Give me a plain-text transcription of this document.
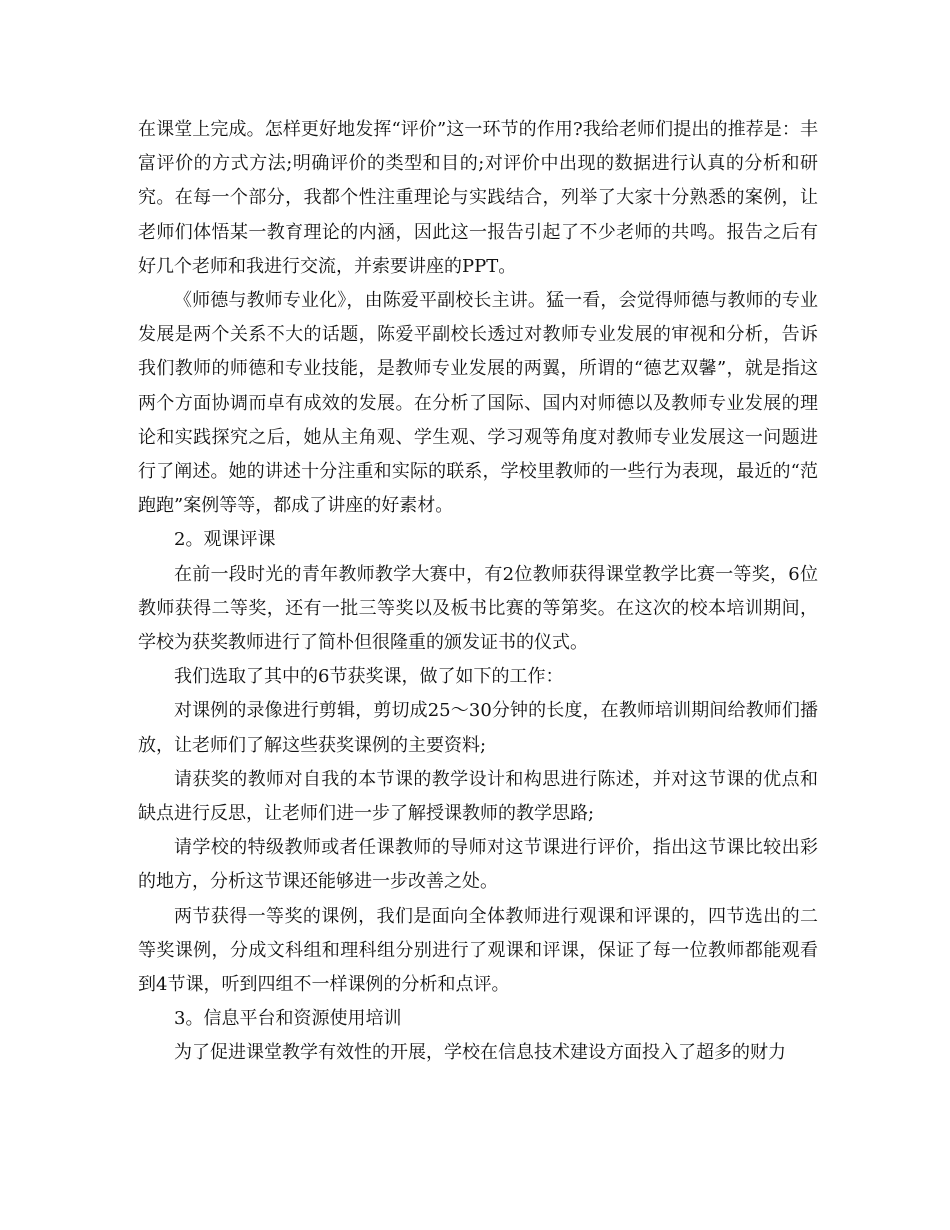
在课堂上完成。怎样更好地发挥“评价”这一环节的作用?我给老师们提出的推荐是：丰富评价的方式方法;明确评价的类型和目的;对评价中出现的数据进行认真的分析和研究。在每一个部分，我都个性注重理论与实践结合，列举了大家十分熟悉的案例，让老师们体悟某一教育理论的内涵，因此这一报告引起了不少老师的共鸣。报告之后有好几个老师和我进行交流，并索要讲座的PPT。

《师德与教师专业化》，由陈爱平副校长主讲。猛一看，会觉得师德与教师的专业发展是两个关系不大的话题，陈爱平副校长透过对教师专业发展的审视和分析，告诉我们教师的师德和专业技能，是教师专业发展的两翼，所谓的“德艺双馨”，就是指这两个方面协调而卓有成效的发展。在分析了国际、国内对师德以及教师专业发展的理论和实践探究之后，她从主角观、学生观、学习观等角度对教师专业发展这一问题进行了阐述。她的讲述十分注重和实际的联系，学校里教师的一些行为表现，最近的“范跑跑”案例等等，都成了讲座的好素材。

2。观课评课

在前一段时光的青年教师教学大赛中，有2位教师获得课堂教学比赛一等奖，6位教师获得二等奖，还有一批三等奖以及板书比赛的等第奖。在这次的校本培训期间，学校为获奖教师进行了简朴但很隆重的颁发证书的仪式。

我们选取了其中的6节获奖课，做了如下的工作：

对课例的录像进行剪辑，剪切成25～30分钟的长度，在教师培训期间给教师们播放，让老师们了解这些获奖课例的主要资料;

请获奖的教师对自我的本节课的教学设计和构思进行陈述，并对这节课的优点和缺点进行反思，让老师们进一步了解授课教师的教学思路;

请学校的特级教师或者任课教师的导师对这节课进行评价，指出这节课比较出彩的地方，分析这节课还能够进一步改善之处。

两节获得一等奖的课例，我们是面向全体教师进行观课和评课的，四节选出的二等奖课例，分成文科组和理科组分别进行了观课和评课，保证了每一位教师都能观看到4节课，听到四组不一样课例的分析和点评。

3。信息平台和资源使用培训

为了促进课堂教学有效性的开展，学校在信息技术建设方面投入了超多的财力
